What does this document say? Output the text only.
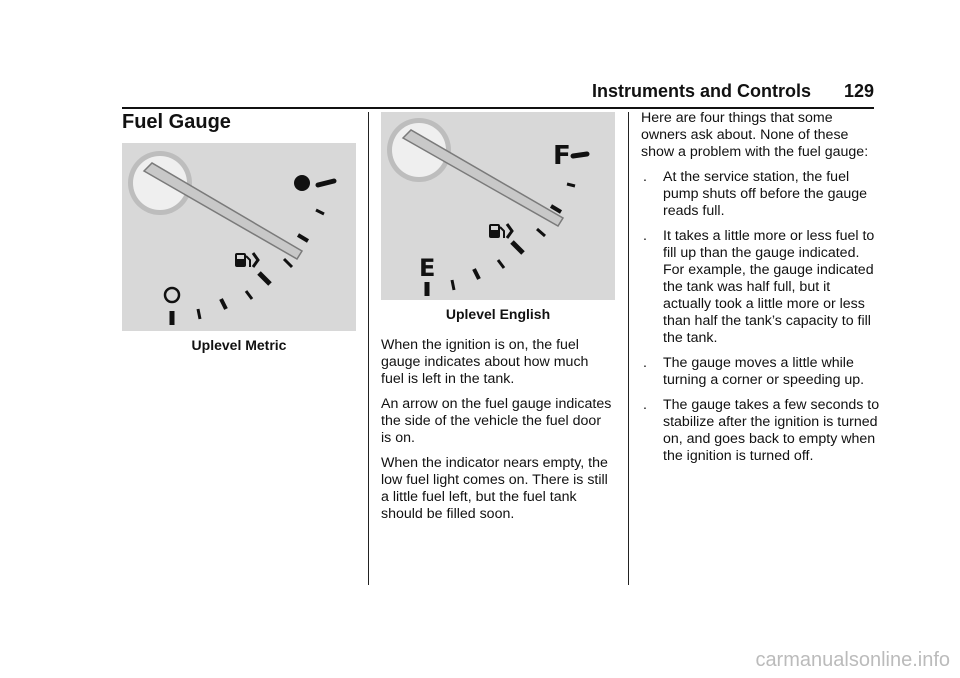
Instruments and Controls 129
Fuel Gauge
Uplevel Metric
F
E
Uplevel English

When the ignition is on, the fuel gauge indicates about how much fuel is left in the tank.

An arrow on the fuel gauge indicates the side of the vehicle the fuel door is on.

When the indicator nears empty, the low fuel light comes on. There is still a little fuel left, but the fuel tank should be filled soon.

Here are four things that some owners ask about. None of these show a problem with the fuel gauge:

. At the service station, the fuel pump shuts off before the gauge reads full.
. It takes a little more or less fuel to fill up than the gauge indicated. For example, the gauge indicated the tank was half full, but it actually took a little more or less than half the tank’s capacity to fill the tank.
. The gauge moves a little while turning a corner or speeding up.
. The gauge takes a few seconds to stabilize after the ignition is turned on, and goes back to empty when the ignition is turned off.
carmanualsonline.info
